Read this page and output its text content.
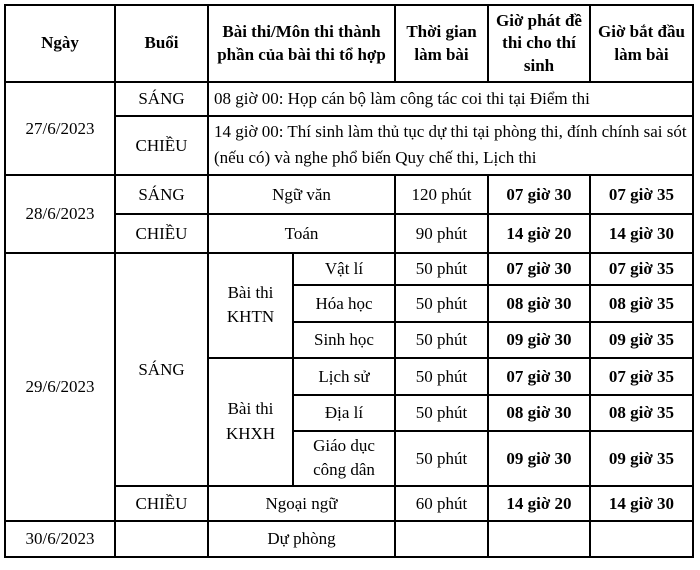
Ngày	Buổi	Bài thi/Môn thi thành phần của bài thi tổ hợp		Thời gian làm bài	Giờ phát đề thi cho thí sinh	Giờ bắt đầu làm bài
27/6/2023	SÁNG	08 giờ 00: Họp cán bộ làm công tác coi thi tại Điểm thi				
	CHIỀU	14 giờ 00: Thí sinh làm thủ tục dự thi tại phòng thi, đính chính sai sót (nếu có) và nghe phổ biến Quy chế thi, Lịch thi				
28/6/2023	SÁNG	Ngữ văn		120 phút	07 giờ 30	07 giờ 35
	CHIỀU	Toán		90 phút	14 giờ 20	14 giờ 30
29/6/2023	SÁNG	Bài thi KHTN	Vật lí	50 phút	07 giờ 30	07 giờ 35
			Hóa học	50 phút	08 giờ 30	08 giờ 35
			Sinh học	50 phút	09 giờ 30	09 giờ 35
		Bài thi KHXH	Lịch sử	50 phút	07 giờ 30	07 giờ 35
			Địa lí	50 phút	08 giờ 30	08 giờ 35
			Giáo dục công dân	50 phút	09 giờ 30	09 giờ 35
	CHIỀU	Ngoại ngữ		60 phút	14 giờ 20	14 giờ 30
30/6/2023		Dự phòng				
